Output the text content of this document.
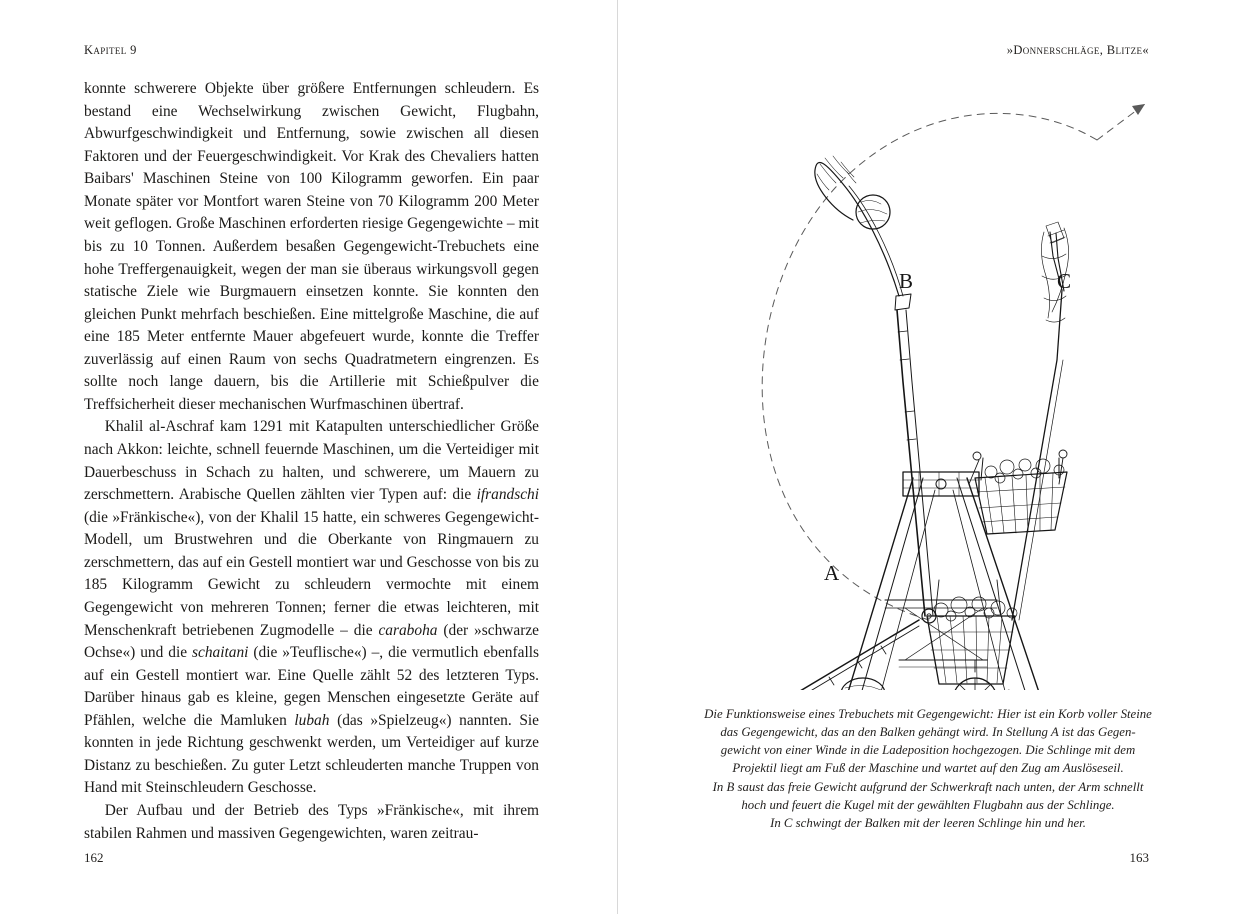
Kapitel 9

konnte schwerere Objekte über größere Entfernungen schleudern. Es bestand eine Wechselwirkung zwischen Gewicht, Flugbahn, Abwurfgeschwindigkeit und Entfernung, sowie zwischen all diesen Faktoren und der Feuergeschwindigkeit. Vor Krak des Chevaliers hatten Baibars' Maschinen Steine von 100 Kilogramm geworfen. Ein paar Monate später vor Montfort waren Steine von 70 Kilogramm 200 Meter weit geflogen. Große Maschinen erforderten riesige Gegengewichte – mit bis zu 10 Tonnen. Außerdem besaßen Gegengewicht-Trebuchets eine hohe Treffergenauigkeit, wegen der man sie überaus wirkungsvoll gegen statische Ziele wie Burgmauern einsetzen konnte. Sie konnten den gleichen Punkt mehrfach beschießen. Eine mittelgroße Maschine, die auf eine 185 Meter entfernte Mauer abgefeuert wurde, konnte die Treffer zuverlässig auf einen Raum von sechs Quadratmetern eingrenzen. Es sollte noch lange dauern, bis die Artillerie mit Schießpulver die Treffsicherheit dieser mechanischen Wurfmaschinen übertraf.

Khalil al-Aschraf kam 1291 mit Katapulten unterschiedlicher Größe nach Akkon: leichte, schnell feuernde Maschinen, um die Verteidiger mit Dauerbeschuss in Schach zu halten, und schwerere, um Mauern zu zerschmettern. Arabische Quellen zählten vier Typen auf: die ifrandschi (die »Fränkische«), von der Khalil 15 hatte, ein schweres Gegengewicht-Modell, um Brustwehren und die Oberkante von Ringmauern zu zerschmettern, das auf ein Gestell montiert war und Geschosse von bis zu 185 Kilogramm Gewicht zu schleudern vermochte mit einem Gegengewicht von mehreren Tonnen; ferner die etwas leichteren, mit Menschenkraft betriebenen Zugmodelle – die caraboha (der »schwarze Ochse«) und die schaitani (die »Teuflische«) –, die vermutlich ebenfalls auf ein Gestell montiert war. Eine Quelle zählt 52 des letzteren Typs. Darüber hinaus gab es kleine, gegen Menschen eingesetzte Geräte auf Pfählen, welche die Mamluken lubah (das »Spielzeug«) nannten. Sie konnten in jede Richtung geschwenkt werden, um Verteidiger auf kurze Distanz zu beschießen. Zu guter Letzt schleuderten manche Truppen von Hand mit Steinschleudern Geschosse.

Der Aufbau und der Betrieb des Typs »Fränkische«, mit ihrem stabilen Rahmen und massiven Gegengewichten, waren zeitrau-

162
»Donnerschläge, Blitze«
A
B	C

Die Funktionsweise eines Trebuchets mit Gegengewicht: Hier ist ein Korb voller Steine

das Gegengewicht, das an den Balken gehängt wird. In Stellung A ist das Gegen-

gewicht von einer Winde in die Ladeposition hochgezogen. Die Schlinge mit dem

Projektil liegt am Fuß der Maschine und wartet auf den Zug am Auslöseseil.

In B saust das freie Gewicht aufgrund der Schwerkraft nach unten, der Arm schnellt

hoch und feuert die Kugel mit der gewählten Flugbahn aus der Schlinge.

In C schwingt der Balken mit der leeren Schlinge hin und her.

163
